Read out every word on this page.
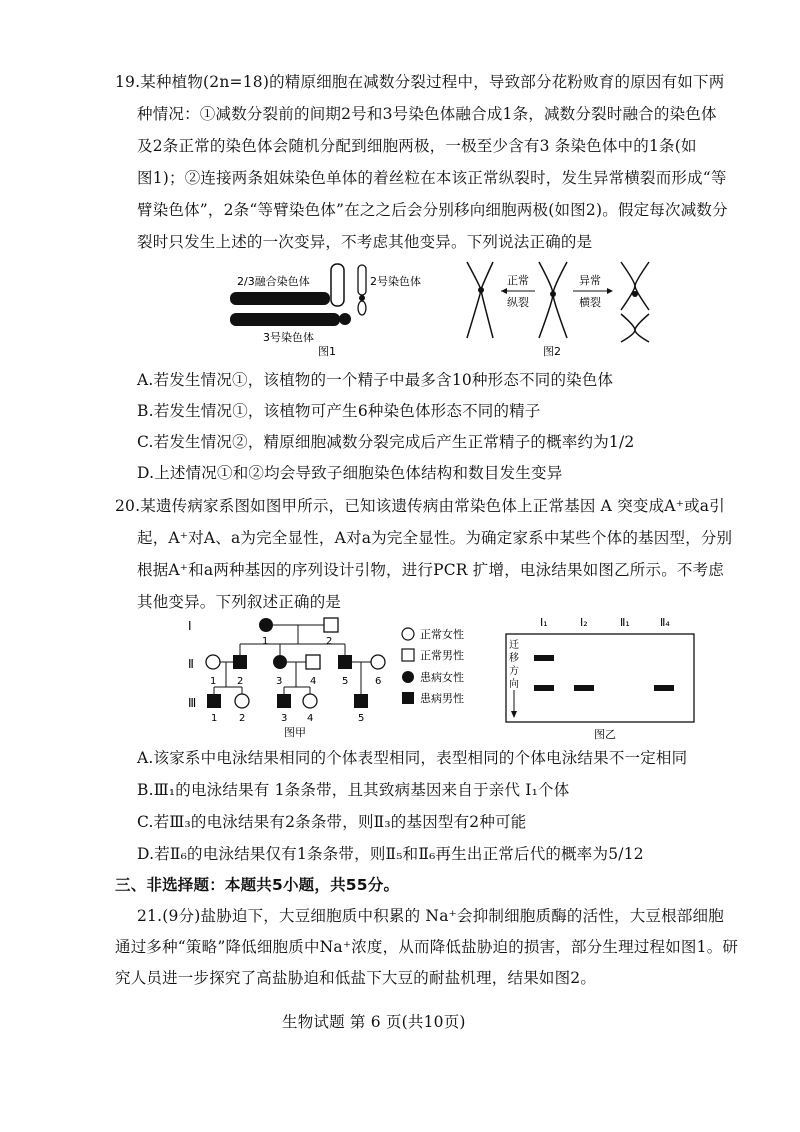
19.某种植物(2n=18)的精原细胞在减数分裂过程中，导致部分花粉败育的原因有如下两
种情况：①减数分裂前的间期2号和3号染色体融合成1条，减数分裂时融合的染色体
及2条正常的染色体会随机分配到细胞两极，一极至少含有3 条染色体中的1条(如
图1)；②连接两条姐妹染色单体的着丝粒在本该正常纵裂时，发生异常横裂而形成“等
臂染色体”，2条“等臂染色体”在之之后会分别移向细胞两极(如图2)。假定每次减数分
裂时只发生上述的一次变异，不考虑其他变异。下列说法正确的是
2/3融合染色体	2号染色体
3号染色体
图1
正常
纵裂
异常
横裂
图2
A.若发生情况①，该植物的一个精子中最多含10种形态不同的染色体
B.若发生情况①，该植物可产生6种染色体形态不同的精子
C.若发生情况②，精原细胞减数分裂完成后产生正常精子的概率约为1/2
D.上述情况①和②均会导致子细胞染色体结构和数目发生变异
20.某遗传病家系图如图甲所示，已知该遗传病由常染色体上正常基因 A 突变成A⁺或a引
起，A⁺对A、a为完全显性，A对a为完全显性。为确定家系中某些个体的基因型，分别
根据A⁺和a两种基因的序列设计引物，进行PCR 扩增，电泳结果如图乙所示。不考虑
其他变异。下列叙述正确的是
Ⅰ
Ⅱ
Ⅲ
1	2
1 2	3	4	5	6
1 2	3 4	5
图甲
正常女性
正常男性
患病女性
患病男性
Ⅰ₁	Ⅰ₂	Ⅱ₁	Ⅱ₄
迁
移
方
向
图乙
A.该家系中电泳结果相同的个体表型相同，表型相同的个体电泳结果不一定相同
B.Ⅲ₁的电泳结果有 1条条带，且其致病基因来自于亲代 Ⅰ₁个体
C.若Ⅲ₃的电泳结果有2条条带，则Ⅱ₃的基因型有2种可能
D.若Ⅱ₆的电泳结果仅有1条条带，则Ⅱ₅和Ⅱ₆再生出正常后代的概率为5/12
三、非选择题：本题共5小题，共55分。
21.(9分)盐胁迫下，大豆细胞质中积累的 Na⁺会抑制细胞质酶的活性，大豆根部细胞
通过多种“策略”降低细胞质中Na⁺浓度，从而降低盐胁迫的损害，部分生理过程如图1。研
究人员进一步探究了高盐胁迫和低盐下大豆的耐盐机理，结果如图2。
生物试题 第 6 页(共10页)
